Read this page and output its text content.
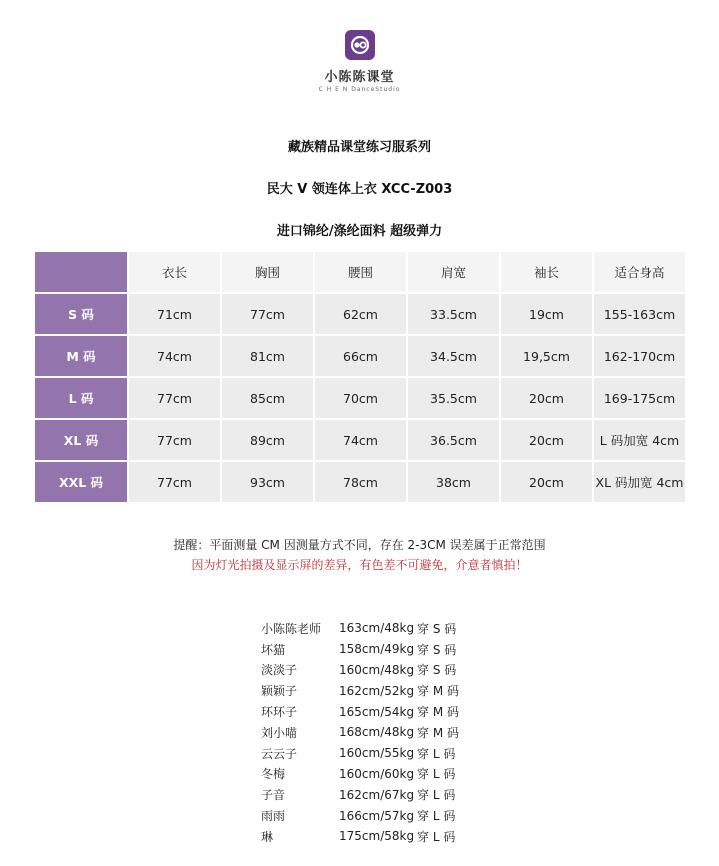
小陈陈课堂
C H E N DanceStudio
藏族精品课堂练习服系列
民大 V 领连体上衣 XCC-Z003
进口锦纶/涤纶面料 超级弹力
	衣长	胸围	腰围	肩宽	袖长	适合身高
S 码	71cm	77cm	62cm	33.5cm	19cm	155-163cm
M 码	74cm	81cm	66cm	34.5cm	19,5cm	162-170cm
L 码	77cm	85cm	70cm	35.5cm	20cm	169-175cm
XL 码	77cm	89cm	74cm	36.5cm	20cm	L 码加宽 4cm
XXL 码	77cm	93cm	78cm	38cm	20cm	XL 码加宽 4cm
提醒：平面测量 CM 因测量方式不同，存在 2-3CM 误差属于正常范围
因为灯光拍摄及显示屏的差异，有色差不可避免，介意者慎拍！
小陈陈老师	163cm/48kg 穿 S 码
坏猫	158cm/49kg 穿 S 码
淡淡子	160cm/48kg 穿 S 码
颖颖子	162cm/52kg 穿 M 码
环环子	165cm/54kg 穿 M 码
刘小喵	168cm/48kg 穿 M 码
云云子	160cm/55kg 穿 L 码
冬梅	160cm/60kg 穿 L 码
子音	162cm/67kg 穿 L 码
雨雨	166cm/57kg 穿 L 码
琳	175cm/58kg 穿 L 码
